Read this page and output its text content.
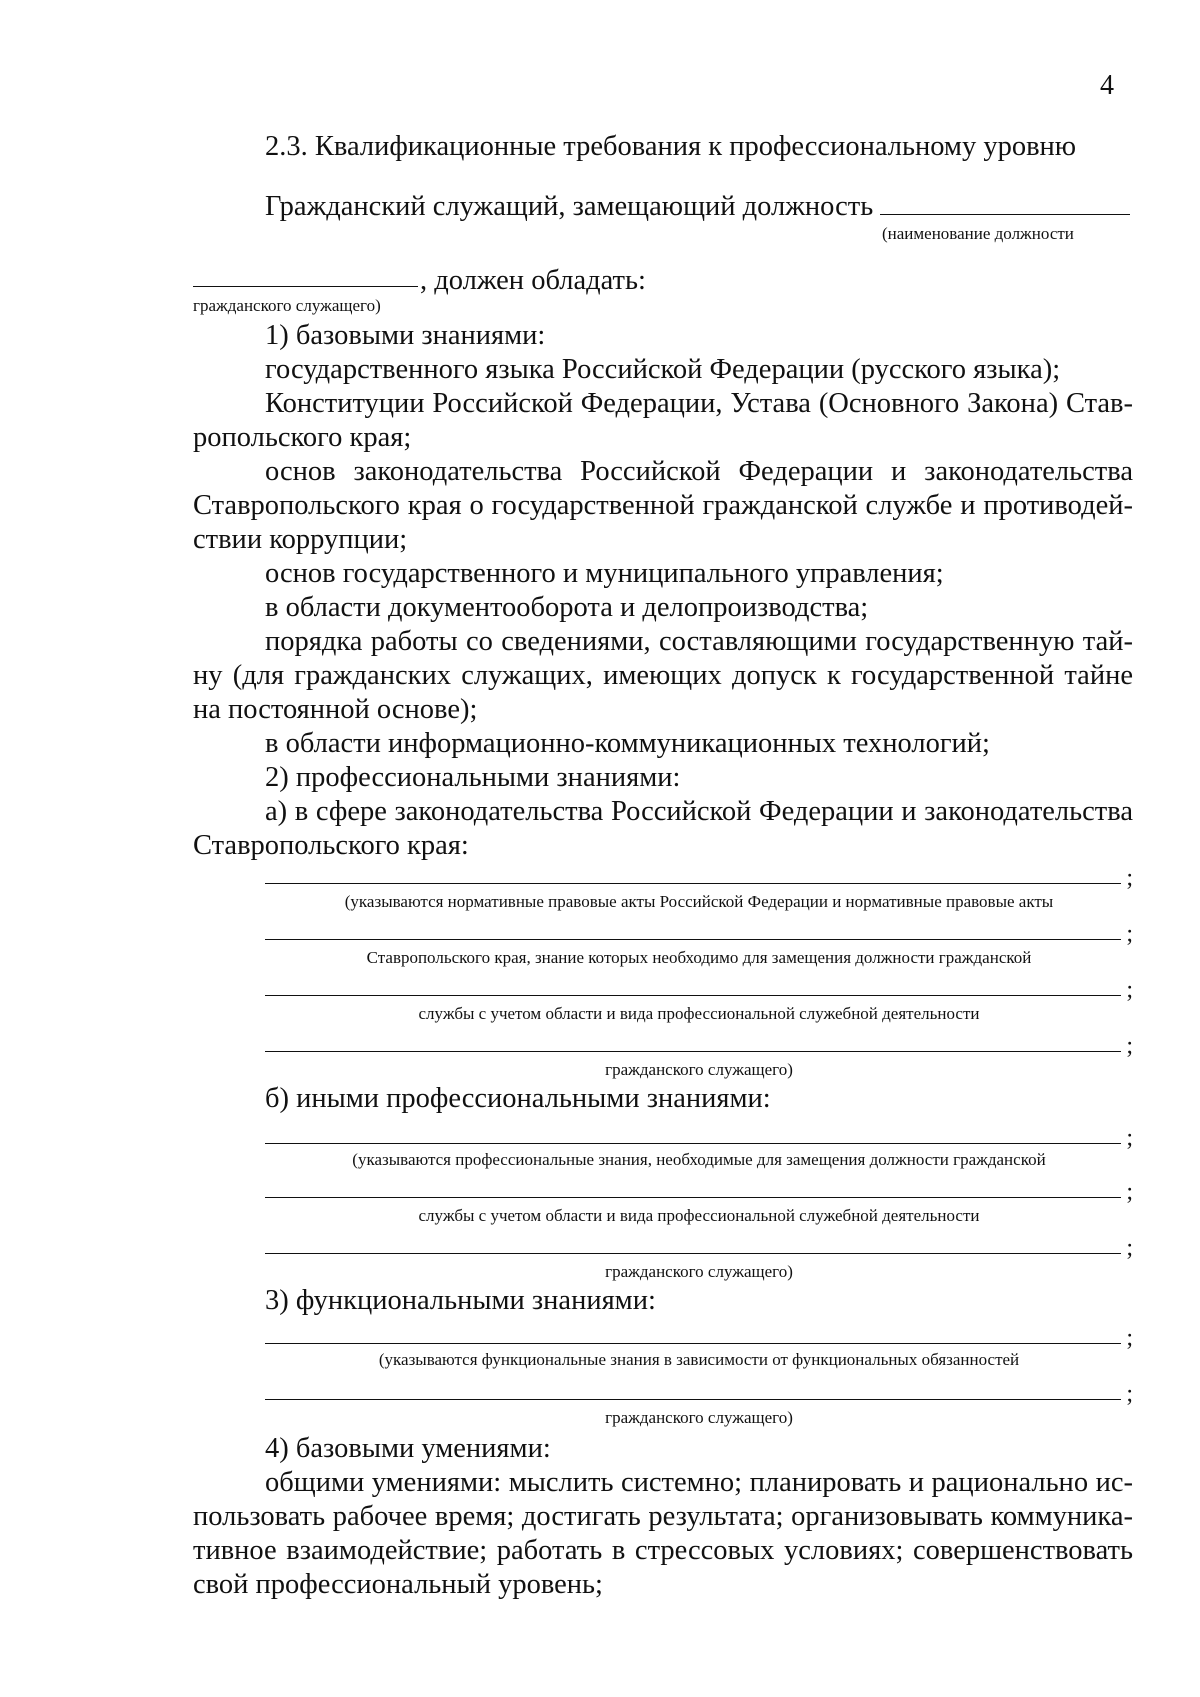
4
2.3. Квалификационные требования к профессиональному уровню
Гражданский служащий, замещающий должность
(наименование должности
, должен обладать:
гражданского служащего)
1) базовыми знаниями:
государственного языка Российской Федерации (русского языка);
Конституции Российской Федерации, Устава (Основного Закона) Став-
ропольского края;
основ законодательства Российской Федерации и законодательства
Ставропольского края о государственной гражданской службе и противодей-
ствии коррупции;
основ государственного и муниципального управления;
в области документооборота и делопроизводства;
порядка работы со сведениями, составляющими государственную тай-
ну (для гражданских служащих, имеющих допуск к государственной тайне
на постоянной основе);
в области информационно-коммуникационных технологий;
2) профессиональными знаниями:
а) в сфере законодательства Российской Федерации и законодательства
Ставропольского края:
;
(указываются нормативные правовые акты Российской Федерации и нормативные правовые акты
;
Ставропольского края, знание которых необходимо для замещения должности гражданской
;
службы с учетом области и вида профессиональной служебной деятельности
;
гражданского служащего)
б) иными профессиональными знаниями:
;
(указываются профессиональные знания, необходимые для замещения должности гражданской
;
службы с учетом области и вида профессиональной служебной деятельности
;
гражданского служащего)
3) функциональными знаниями:
;
(указываются функциональные знания в зависимости от функциональных обязанностей
;
гражданского служащего)
4) базовыми умениями:
общими умениями: мыслить системно; планировать и рационально ис-
пользовать рабочее время; достигать результата; организовывать коммуника-
тивное взаимодействие; работать в стрессовых условиях; совершенствовать
свой профессиональный уровень;
